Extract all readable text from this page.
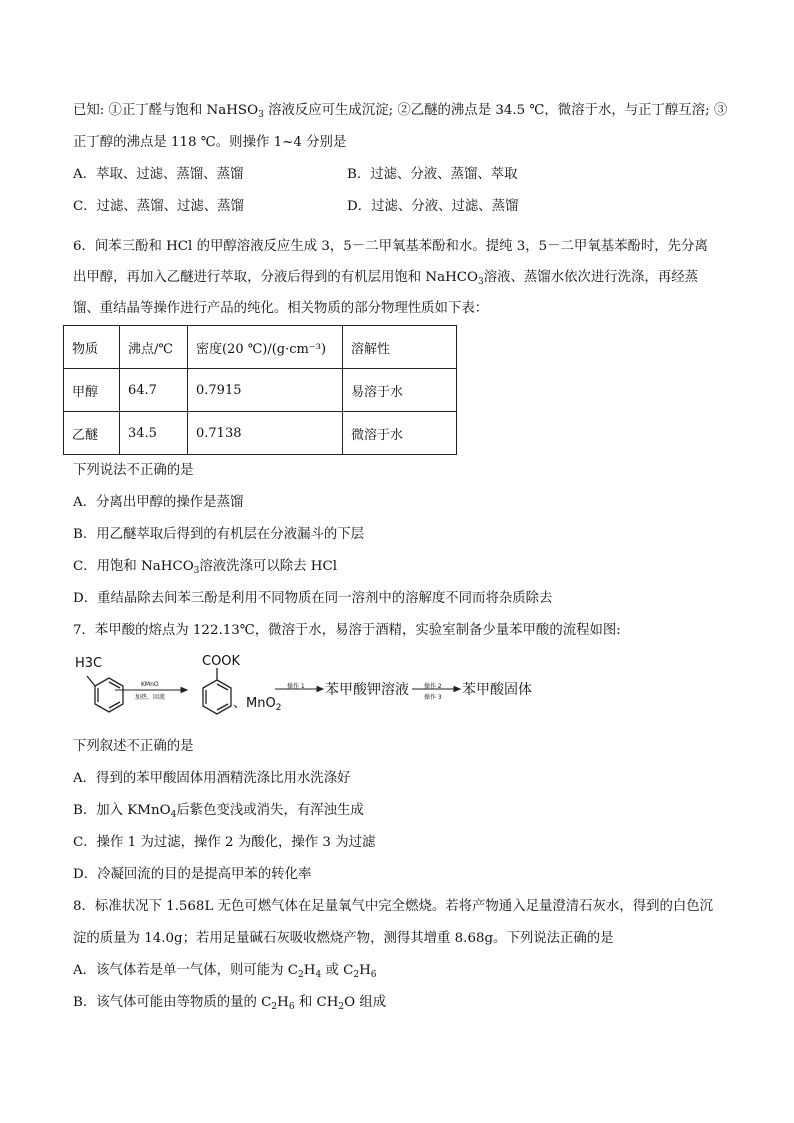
已知: ①正丁醛与饱和 NaHSO$_3$ 溶液反应可生成沉淀; ②乙醚的沸点是 34.5 ℃，微溶于水，与正丁醇互溶; ③
正丁醇的沸点是 118 ℃。则操作 1~4 分别是
A．萃取、过滤、蒸馏、蒸馏	B．过滤、分液、蒸馏、萃取
C．过滤、蒸馏、过滤、蒸馏	D．过滤、分液、过滤、蒸馏
6．间苯三酚和 HCl 的甲醇溶液反应生成 3，5－二甲氧基苯酚和水。提纯 3，5－二甲氧基苯酚时，先分离
出甲醇，再加入乙醚进行萃取，分液后得到的有机层用饱和 NaHCO$_3$溶液、蒸馏水依次进行洗涤，再经蒸
馏、重结晶等操作进行产品的纯化。相关物质的部分物理性质如下表：
物质	沸点/℃	密度(20 ℃)/(g·cm⁻³)	溶解性
甲醇	64.7	0.7915	易溶于水
乙醚	34.5	0.7138	微溶于水
下列说法不正确的是
A．分离出甲醇的操作是蒸馏
B．用乙醚萃取后得到的有机层在分液漏斗的下层
C．用饱和 NaHCO$_3$溶液洗涤可以除去 HCl
D．重结晶除去间苯三酚是利用不同物质在同一溶剂中的溶解度不同而将杂质除去
7．苯甲酸的熔点为 122.13℃，微溶于水，易溶于酒精，实验室制备少量苯甲酸的流程如图:
H3C
KMnO
加热、回流
COOK
、MnO$_2$
操作 1 苯甲酸钾溶液	操作 2
操作 3 苯甲酸固体
下列叙述不正确的是
A．得到的苯甲酸固体用酒精洗涤比用水洗涤好
B．加入 KMnO$_4$后紫色变浅或消失，有浑浊生成
C．操作 1 为过滤，操作 2 为酸化，操作 3 为过滤
D．冷凝回流的目的是提高甲苯的转化率
8．标准状况下 1.568L 无色可燃气体在足量氧气中完全燃烧。若将产物通入足量澄清石灰水，得到的白色沉
淀的质量为 14.0g；若用足量碱石灰吸收燃烧产物，测得其增重 8.68g。下列说法正确的是
A．该气体若是单一气体，则可能为 $C_2H_4$ 或 $C_2H_6$
B．该气体可能由等物质的量的 $C_2H_6$ 和 $CH_2O$ 组成
